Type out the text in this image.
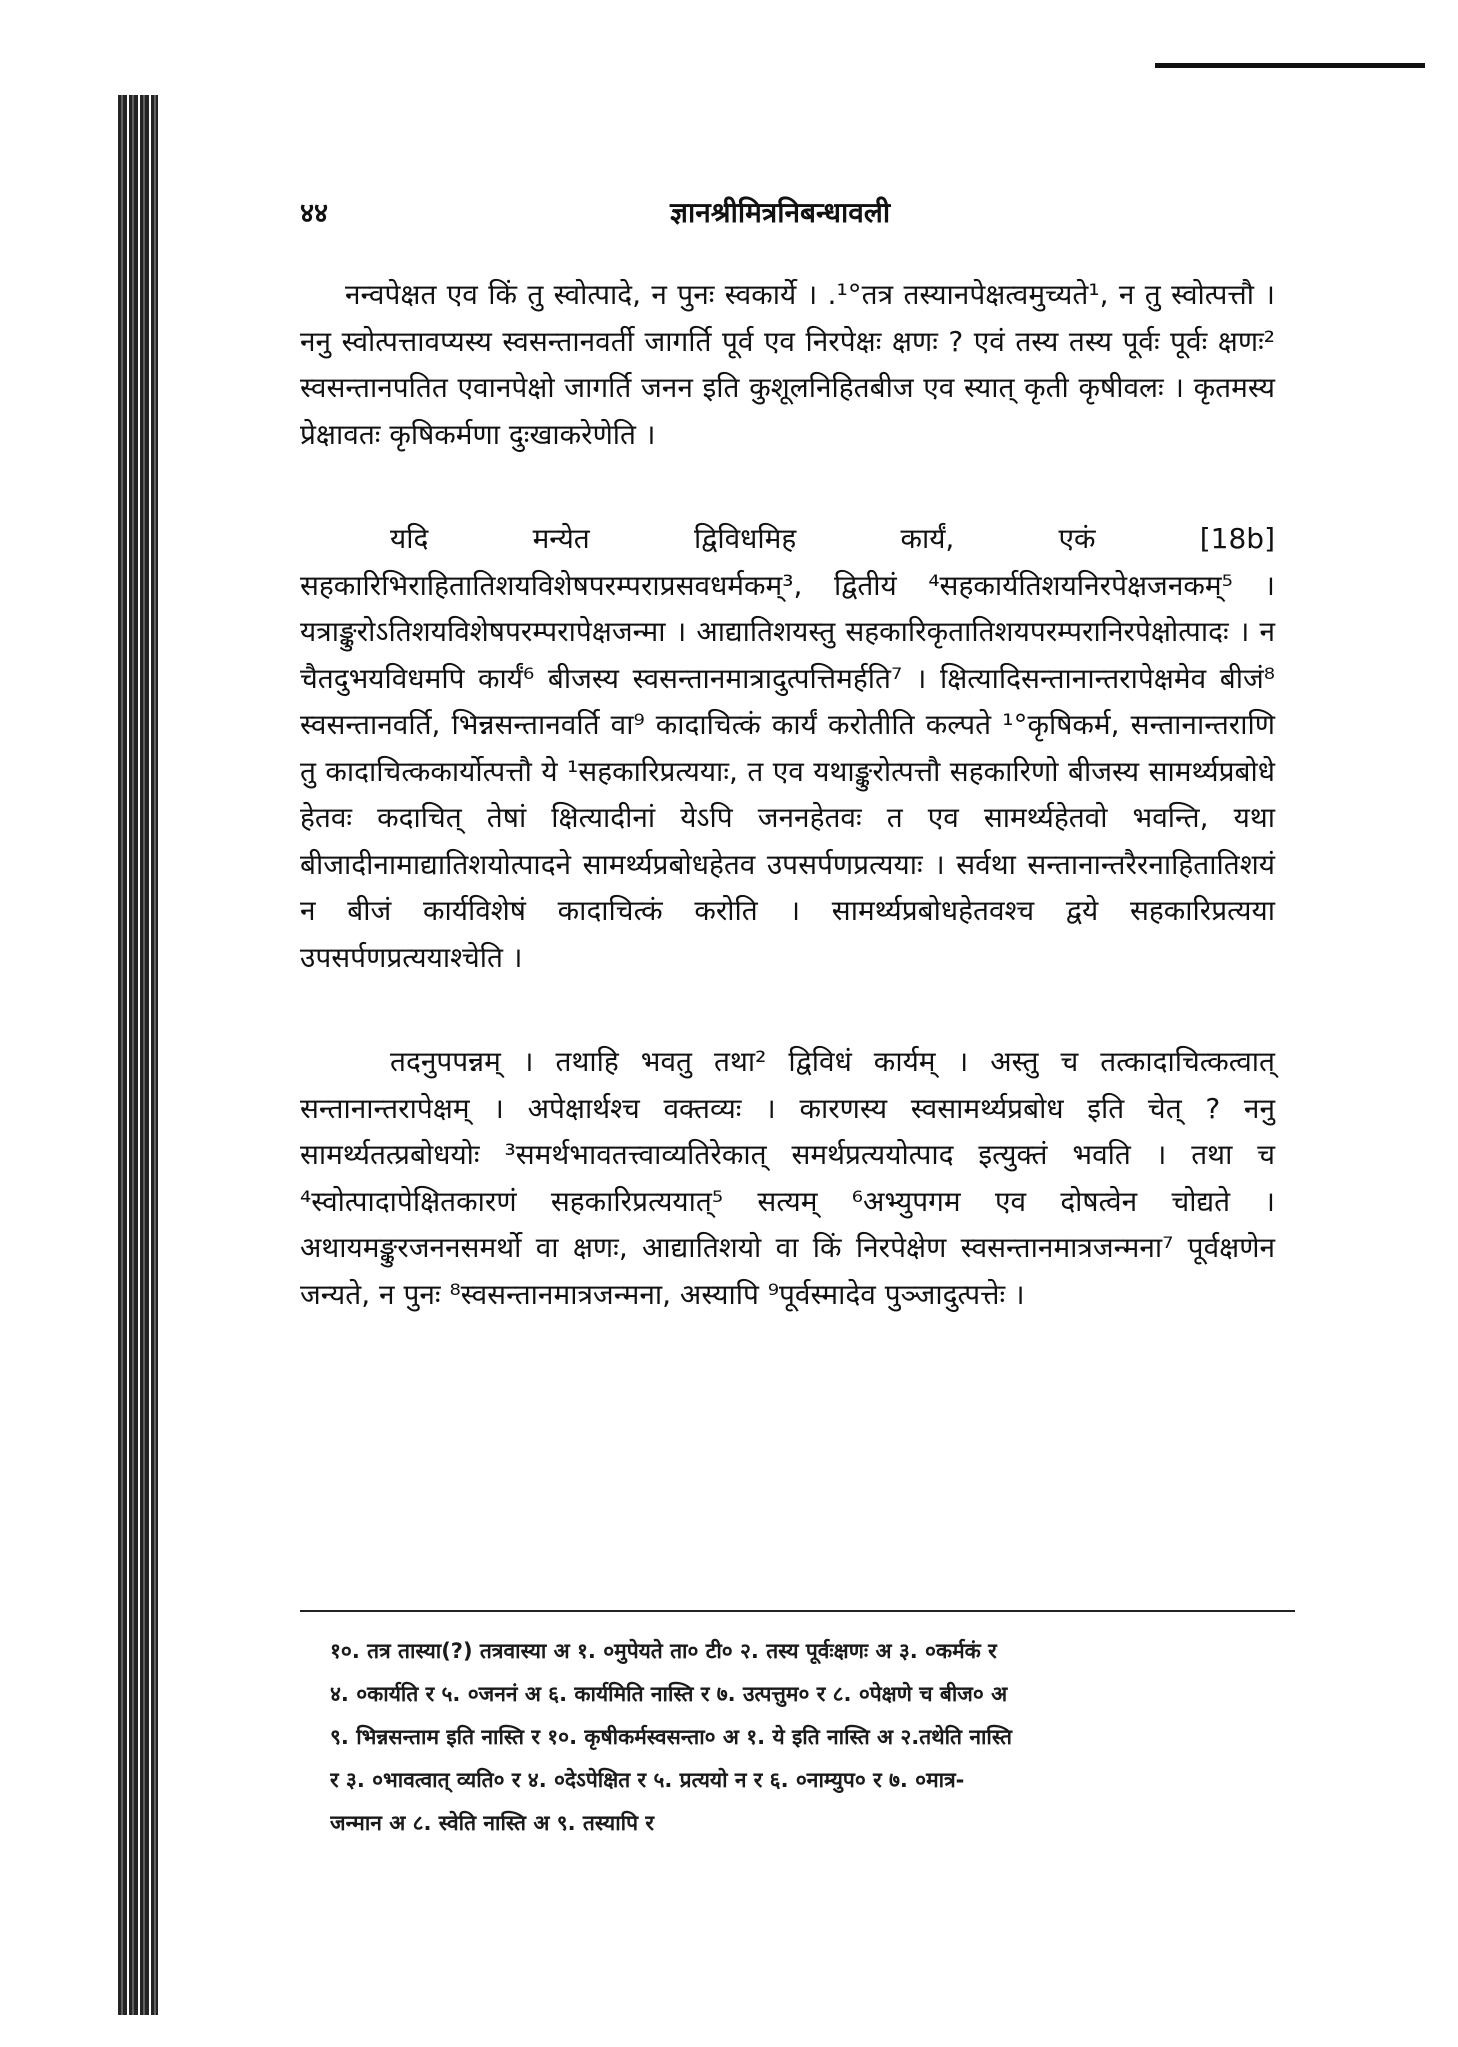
४४	ज्ञानश्रीमित्रनिबन्धावली

नन्वपेक्षत एव किं तु स्वोत्पादे, न पुनः स्वकार्ये । .¹°तत्र तस्यानपेक्षत्वमुच्यते¹, न तु स्वोत्पत्तौ । ननु स्वोत्पत्तावप्यस्य स्वसन्तानवर्ती जागर्ति पूर्व एव निरपेक्षः क्षणः ? एवं तस्य तस्य पूर्वः पूर्वः क्षणः² स्वसन्तानपतित एवानपेक्षो जागर्ति जनन इति कुशूलनिहितबीज एव स्यात् कृती कृषीवलः । कृतमस्य प्रेक्षावतः कृषिकर्मणा दुःखाकरेणेति ।

यदि मन्येत द्विविधमिह कार्यं, एकं [18b] सहकारिभिराहितातिशयविशेषपरम्पराप्रसवधर्मकम्³, द्वितीयं ⁴सहकार्यतिशयनिरपेक्षजनकम्⁵ । यत्राङ्कुरोऽतिशयविशेषपरम्परापेक्षजन्मा । आद्यातिशयस्तु सहकारिकृतातिशयपरम्परानिरपेक्षोत्पादः । न चैतदुभयविधमपि कार्यं⁶ बीजस्य स्वसन्तानमात्रादुत्पत्तिमर्हति⁷ । क्षित्यादिसन्तानान्तरापेक्षमेव बीजं⁸ स्वसन्तानवर्ति, भिन्नसन्तानवर्ति वा⁹ कादाचित्कं कार्यं करोतीति कल्पते ¹°कृषिकर्म, सन्तानान्तराणि तु कादाचित्ककार्योत्पत्तौ ये ¹सहकारिप्रत्ययाः, त एव यथाङ्कुरोत्पत्तौ सहकारिणो बीजस्य सामर्थ्यप्रबोधे हेतवः कदाचित् तेषां क्षित्यादीनां येऽपि जननहेतवः त एव सामर्थ्यहेतवो भवन्ति, यथा बीजादीनामाद्यातिशयोत्पादने सामर्थ्यप्रबोधहेतव उपसर्पणप्रत्ययाः । सर्वथा सन्तानान्तरैरनाहितातिशयं न बीजं कार्यविशेषं कादाचित्कं करोति । सामर्थ्यप्रबोधहेतवश्च द्वये सहकारिप्रत्यया उपसर्पणप्रत्ययाश्चेति ।

तदनुपपन्नम् । तथाहि भवतु तथा² द्विविधं कार्यम् । अस्तु च तत्कादाचित्कत्वात् सन्तानान्तरापेक्षम् । अपेक्षार्थश्च वक्तव्यः । कारणस्य स्वसामर्थ्यप्रबोध इति चेत् ? ननु सामर्थ्यतत्प्रबोधयोः ³समर्थभावतत्त्वाव्यतिरेकात् समर्थप्रत्ययोत्पाद इत्युक्तं भवति । तथा च ⁴स्वोत्पादापेक्षितकारणं सहकारिप्रत्ययात्⁵ सत्यम् ⁶अभ्युपगम एव दोषत्वेन चोद्यते । अथायमङ्कुरजननसमर्थो वा क्षणः, आद्यातिशयो वा किं निरपेक्षेण स्वसन्तानमात्रजन्मना⁷ पूर्वक्षणेन जन्यते, न पुनः ⁸स्वसन्तानमात्रजन्मना, अस्यापि ⁹पूर्वस्मादेव पुञ्जादुत्पत्तेः ।

१०. तत्र तास्या(?) तत्रवास्या अ १. ०मुपेयते ता० टी० २. तस्य पूर्वःक्षणः अ ३. ०कर्मकं र
४. ०कार्यति र ५. ०जननं अ ६. कार्यमिति नास्ति र ७. उत्पत्तुम० र ८. ०पेक्षणे च बीज० अ
९. भिन्नसन्ताम इति नास्ति र १०. कृषीकर्मस्वसन्ता० अ १. ये इति नास्ति अ २.तथेति नास्ति
र ३. ०भावत्वात् व्यति० र ४. ०देऽपेक्षित र ५. प्रत्ययो न र ६. ०नाम्युप० र ७. ०मात्र-
जन्मान अ ८. स्वेति नास्ति अ ९. तस्यापि र
